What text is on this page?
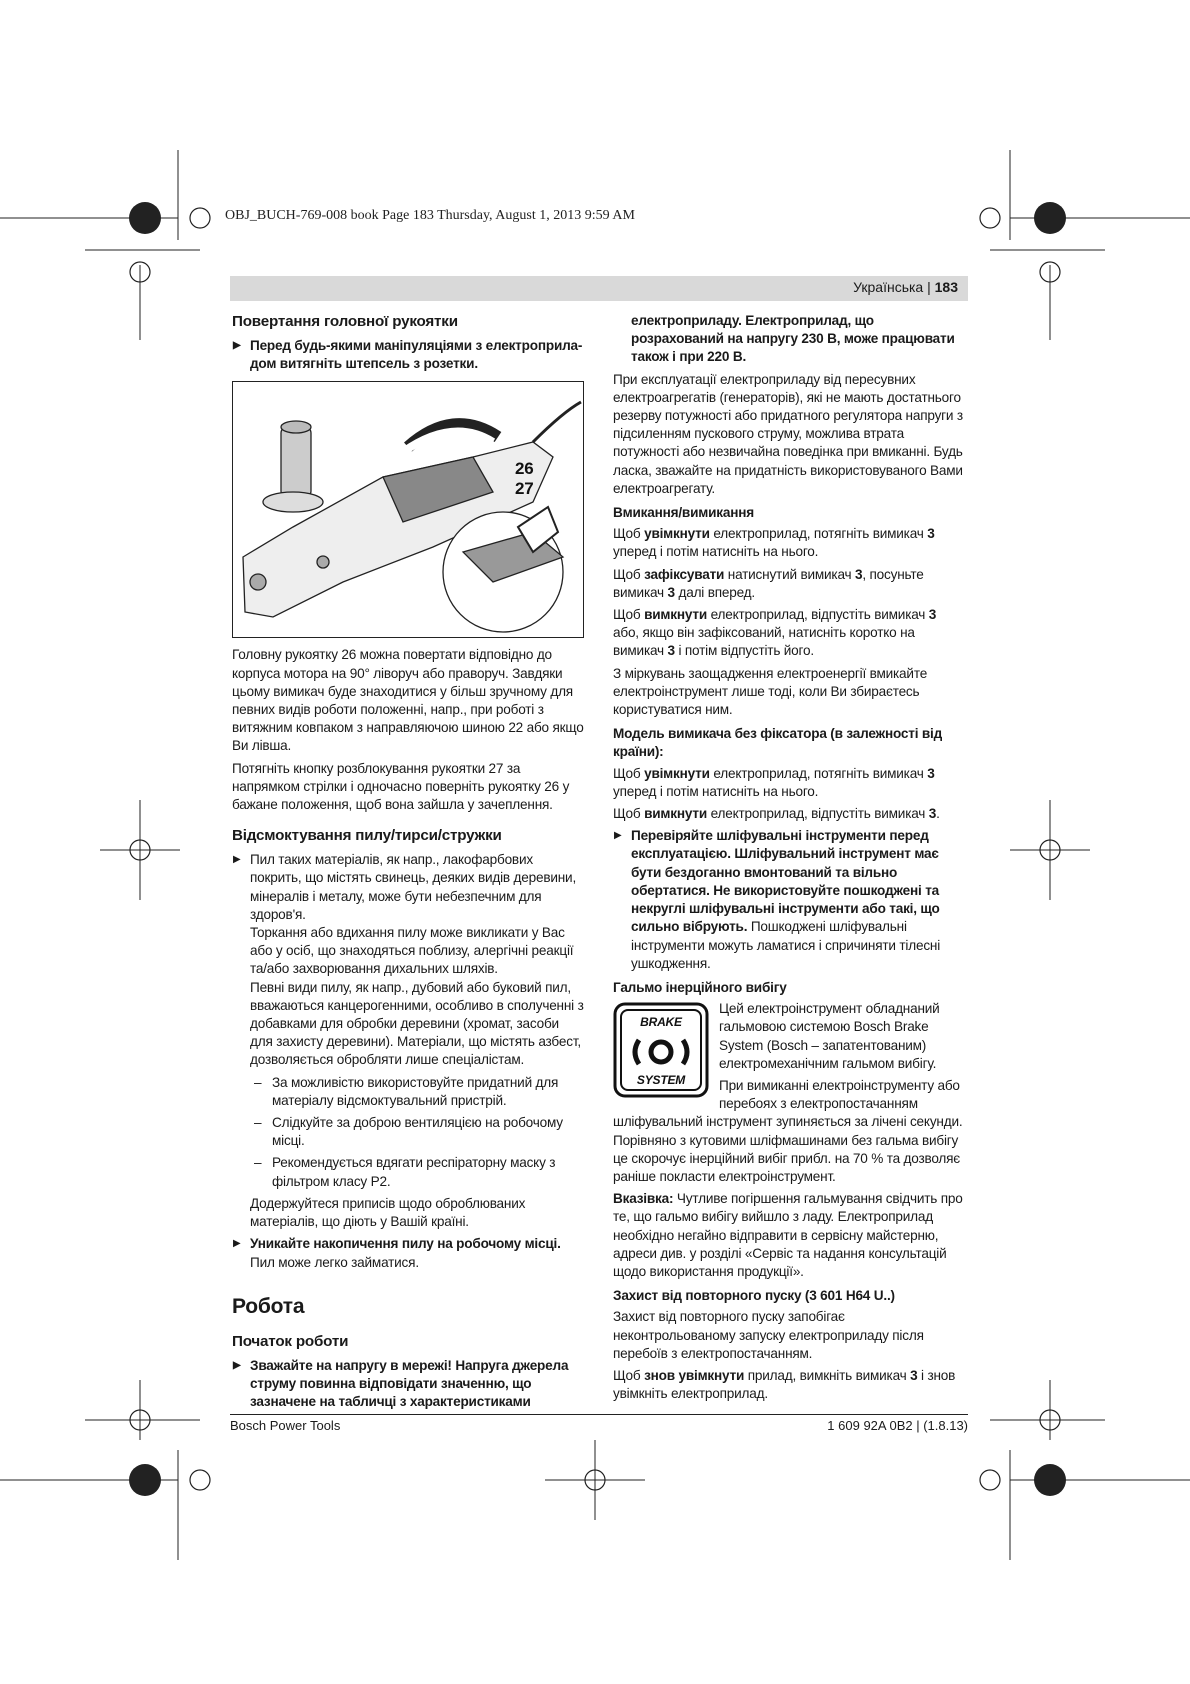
OBJ_BUCH-769-008 book Page 183 Thursday, August 1, 2013 9:59 AM
Українська | 183
Повертання головної рукоятки

▶ Перед будь-якими маніпуляціями з електроприла-дом витягніть штепсель з розетки.

26
27

Головну рукоятку 26 можна повертати відповідно до корпуса мотора на 90° ліворуч або праворуч. Завдяки цьому вимикач буде знаходитися у більш зручному для певних видів роботи положенні, напр., при роботі з витяжним ковпаком з направляючою шиною 22 або якщо Ви лівша.

Потягніть кнопку розблокування рукоятки 27 за напрямком стрілки і одночасно поверніть рукоятку 26 у бажане положення, щоб вона зайшла у зачеплення.

Відсмоктування пилу/тирси/стружки

▶ Пил таких матеріалів, як напр., лакофарбових покрить, що містять свинець, деяких видів деревини, мінералів і металу, може бути небезпечним для здоров'я.

Торкання або вдихання пилу може викликати у Вас або у осіб, що знаходяться поблизу, алергічні реакції та/або захворювання дихальних шляхів.

Певні види пилу, як напр., дубовий або буковий пил, вважаються канцерогенними, особливо в сполученні з добавками для обробки деревини (хромат, засоби для захисту деревини). Матеріали, що містять азбест, дозволяється обробляти лише спеціалістам.

– За можливістю використовуйте придатний для матеріалу відсмоктувальний пристрій.

– Слідкуйте за доброю вентиляцією на робочому місці.

– Рекомендується вдягати респіраторну маску з фільтром класу Р2.

Додержуйтеся приписів щодо оброблюваних матеріалів, що діють у Вашій країні.

▶ Уникайте накопичення пилу на робочому місці. Пил може легко займатися.

Робота
Початок роботи

▶ Зважайте на напругу в мережі! Напруга джерела струму повинна відповідати значенню, що зазначене на табличці з характеристиками

електроприладу. Електроприлад, що розрахований на напругу 230 В, може працювати також і при 220 В.

При експлуатації електроприладу від пересувних електроагрегатів (генераторів), які не мають достатнього резерву потужності або придатного регулятора напруги з підсиленням пускового струму, можлива втрата потужності або незвичайна поведінка при вмиканні. Будь ласка, зважайте на придатність використовуваного Вами електроагрегату.

Вмикання/вимикання

Щоб увімкнути електроприлад, потягніть вимикач 3 уперед і потім натисніть на нього.

Щоб зафіксувати натиснутий вимикач 3, посуньте вимикач 3 далі вперед.

Щоб вимкнути електроприлад, відпустіть вимикач 3 або, якщо він зафіксований, натисніть коротко на вимикач 3 і потім відпустіть його.

З міркувань заощадження електроенергії вмикайте електроінструмент лише тоді, коли Ви збираєтесь користуватися ним.

Модель вимикача без фіксатора (в залежності від країни):

Щоб увімкнути електроприлад, потягніть вимикач 3 уперед і потім натисніть на нього.

Щоб вимкнути електроприлад, відпустіть вимикач 3.

▶ Перевіряйте шліфувальні інструменти перед експлуатацією. Шліфувальний інструмент має бути бездоганно вмонтований та вільно обертатися. Не використовуйте пошкоджені та некруглі шліфувальні інструменти або такі, що сильно вібрують. Пошкоджені шліфувальні інструменти можуть ламатися і спричиняти тілесні ушкодження.

Гальмо інерційного вибігу
BRAKE
SYSTEM

Цей електроінструмент обладнаний гальмовою системою Bosch Brake System (Bosch – запатентованим) електромеханічним гальмом вибігу.

При вимиканні електроінструменту або перебоях з електропостачанням шліфувальний інструмент зупиняється за лічені секунди. Порівняно з кутовими шліфмашинами без гальма вибігу це скорочує інерційний вибіг прибл. на 70 % та дозволяє раніше покласти електроінструмент.

Вказівка: Чутливе погіршення гальмування свідчить про те, що гальмо вибігу вийшло з ладу. Електроприлад необхідно негайно відправити в сервісну майстерню, адреси див. у розділі «Сервіс та надання консультацій щодо використання продукції».

Захист від повторного пуску (3 601 H64 U..)

Захист від повторного пуску запобігає неконтрольованому запуску електроприладу після перебоїв з електропостачанням.

Щоб знов увімкнути прилад, вимкніть вимикач 3 і знов увімкніть електроприлад.

Bosch Power Tools	1 609 92A 0B2 | (1.8.13)
